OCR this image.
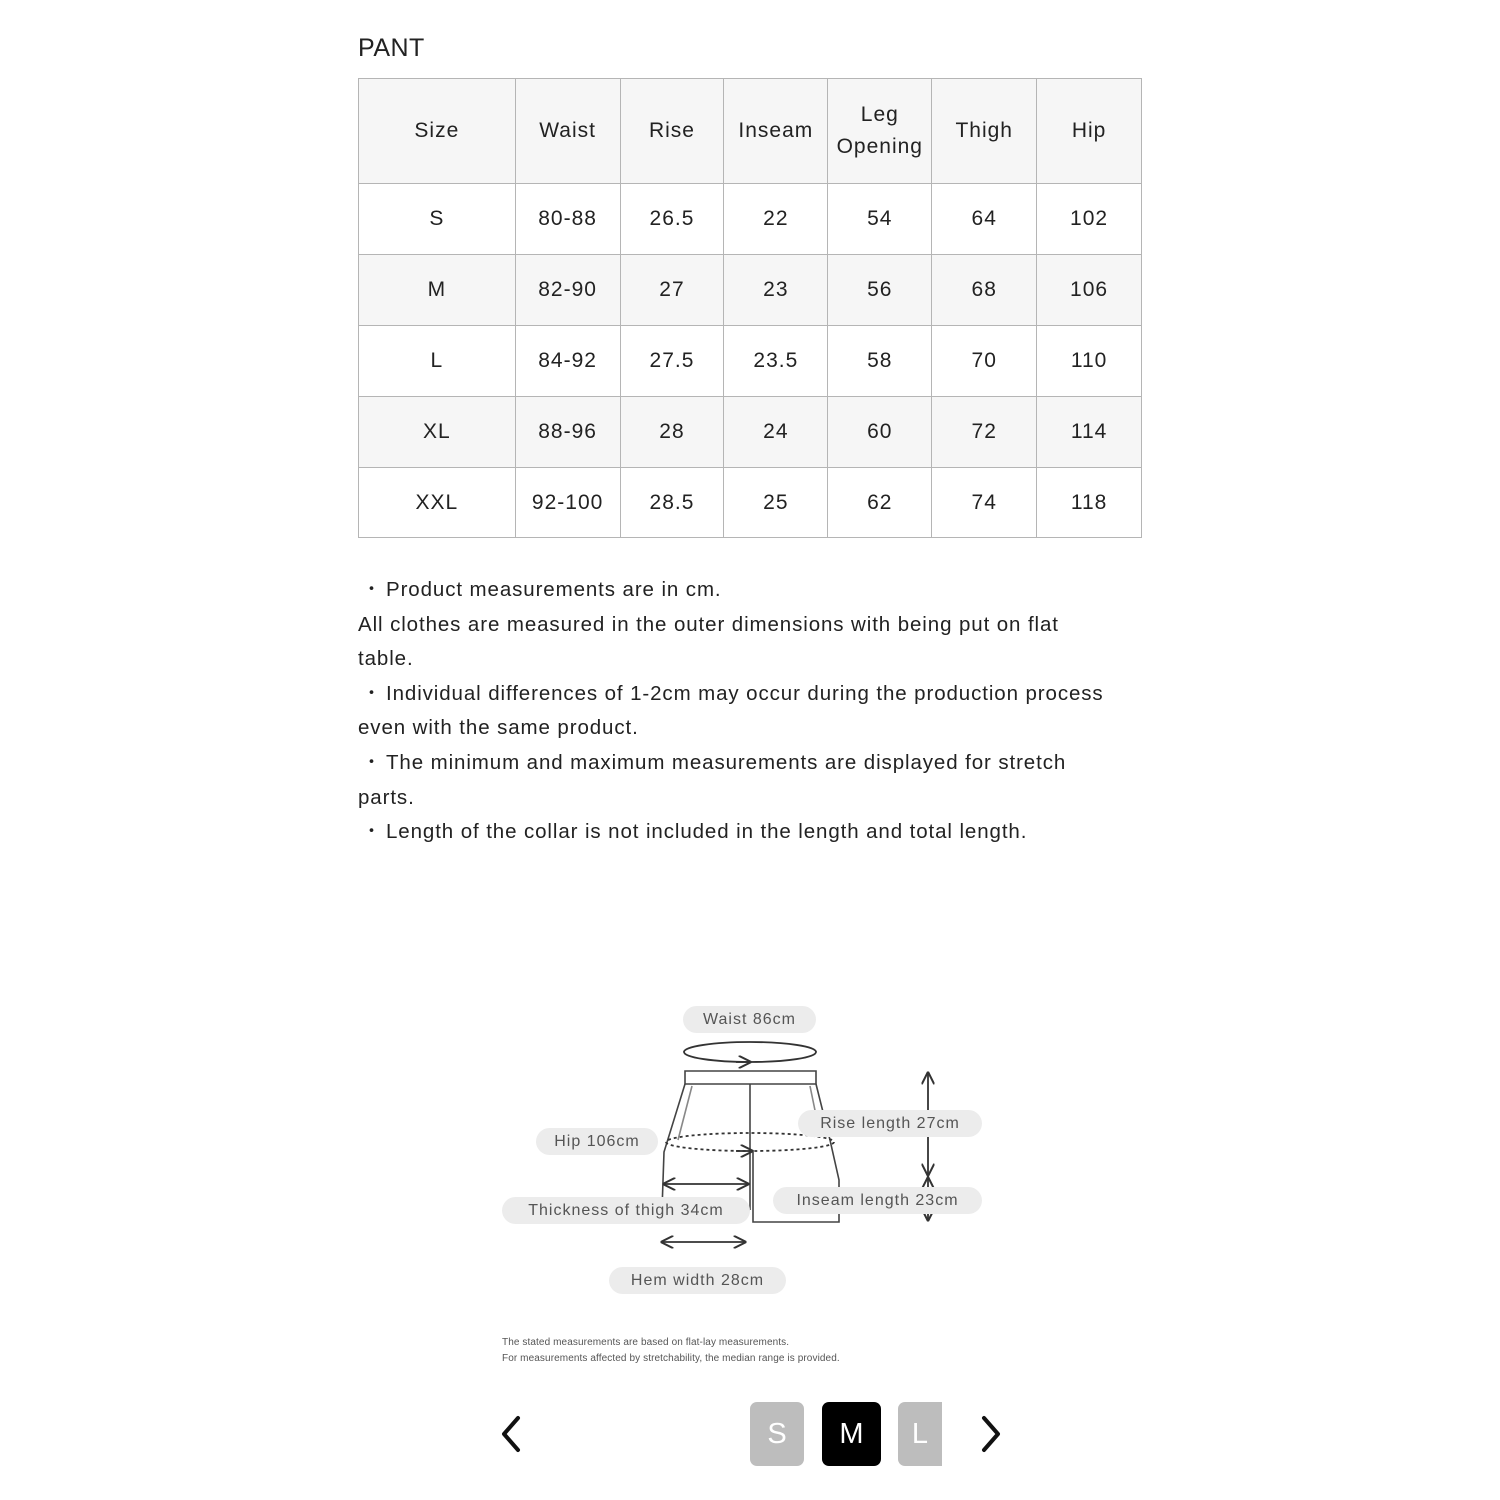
PANT
Size	Waist	Rise	Inseam	Leg Opening	Thigh	Hip
S	80-88	26.5	22	54	64	102
M	82-90	27	23	56	68	106
L	84-92	27.5	23.5	58	70	110
XL	88-96	28	24	60	72	114
XXL	92-100	28.5	25	62	74	118

・ Product measurements are in cm.

All clothes are measured in the outer dimensions with being put on flat table.

・ Individual differences of 1-2cm may occur during the production process even with the same product.

・ The minimum and maximum measurements are displayed for stretch parts.

・ Length of the collar is not included in the length and total length.

Waist 86cm
Hip 106cm
Rise length 27cm
Thickness of thigh 34cm
Inseam length 23cm
Hem width 28cm

The stated measurements are based on flat-lay measurements.

For measurements affected by stretchability, the median range is provided.

S	M	L
